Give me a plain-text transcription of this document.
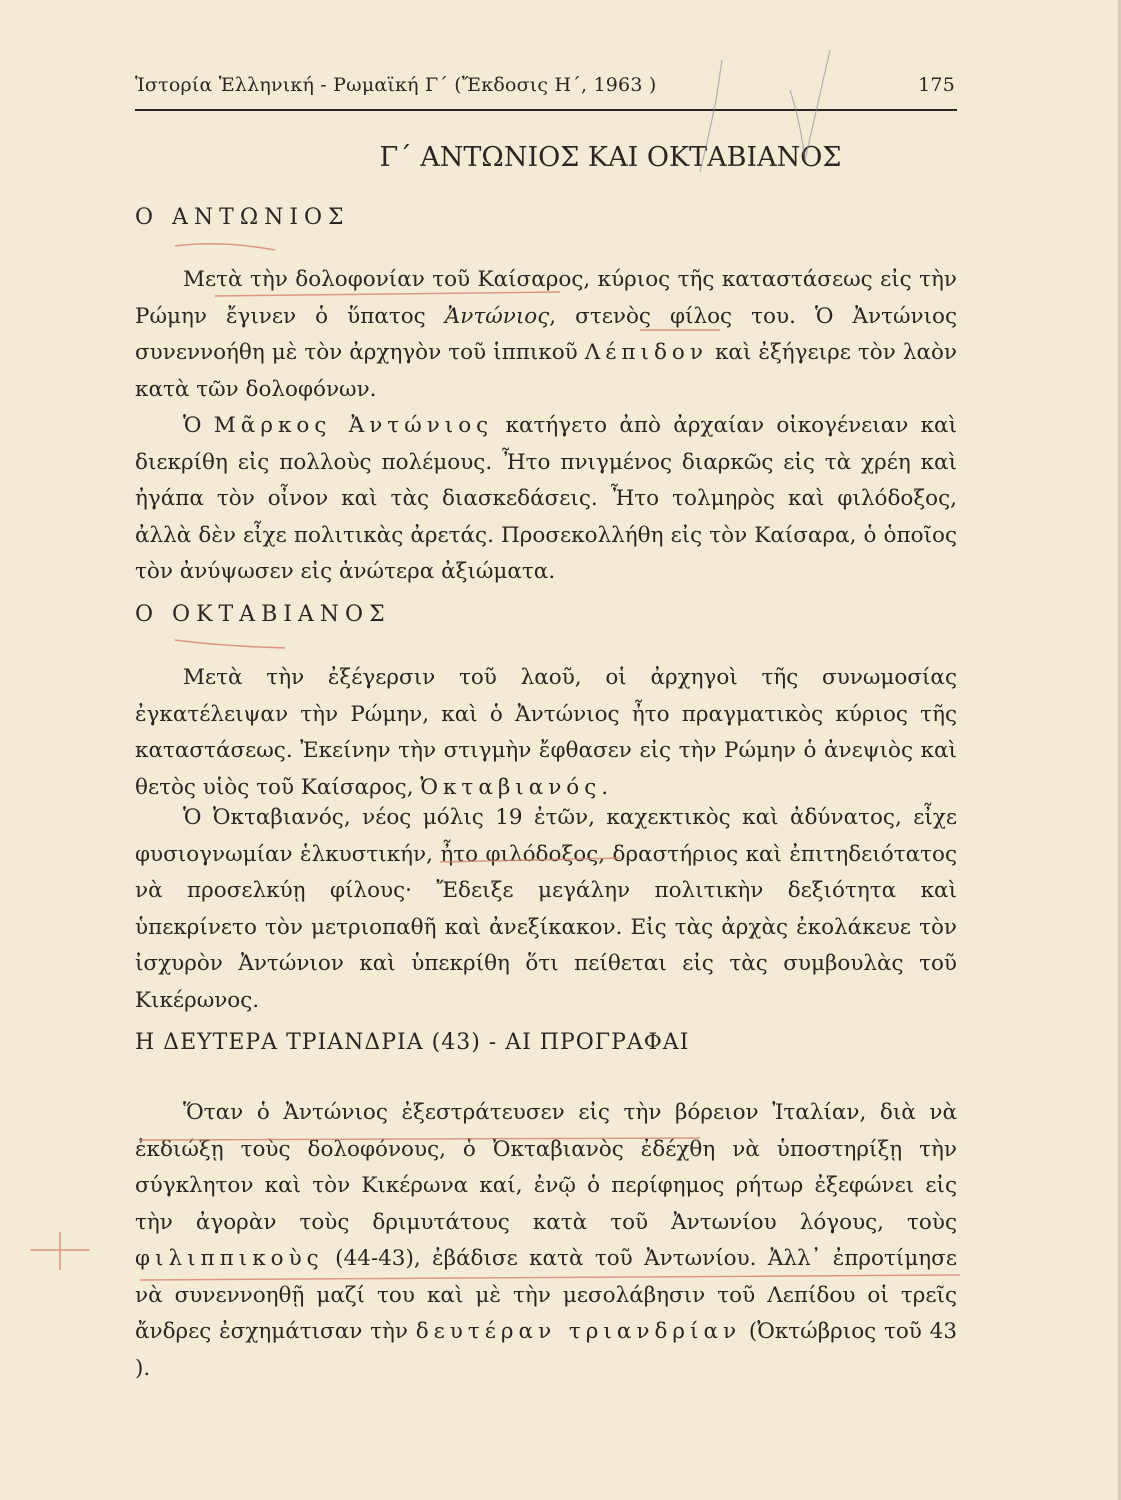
Ἱστορία Ἑλληνική - Ρωμαϊκή Γ΄ (Ἔκδοσις Η΄, 1963 )	175
Γ΄ ΑΝΤΩΝΙΟΣ ΚΑΙ ΟΚΤΑΒΙΑΝΟΣ
Ο ΑΝΤΩΝΙΟΣ

Μετὰ τὴν δολοφονίαν τοῦ Καίσαρος, κύριος τῆς καταστάσεως εἰς τὴν Ρώμην ἔγινεν ὁ ὕπατος Ἀντώνιος, στενὸς φίλος του. Ὁ Ἀντώνιος συνεννοήθη μὲ τὸν ἀρχηγὸν τοῦ ἱππικοῦ Λέπιδον καὶ ἐξήγειρε τὸν λαὸν κατὰ τῶν δολοφόνων.

Ὁ Μᾶρκος Ἀντώνιος κατήγετο ἀπὸ ἀρχαίαν οἰκογένειαν καὶ διεκρίθη εἰς πολλοὺς πολέμους. Ἦτο πνιγμένος διαρκῶς εἰς τὰ χρέη καὶ ἠγάπα τὸν οἶνον καὶ τὰς διασκεδάσεις. Ἦτο τολμηρὸς καὶ φιλόδοξος, ἀλλὰ δὲν εἶχε πολιτικὰς ἀρετάς. Προσεκολλήθη εἰς τὸν Καίσαρα, ὁ ὁποῖος τὸν ἀνύψωσεν εἰς ἀνώτερα ἀξιώματα.

Ο ΟΚΤΑΒΙΑΝΟΣ

Μετὰ τὴν ἐξέγερσιν τοῦ λαοῦ, οἱ ἀρχηγοὶ τῆς συνωμοσίας ἐγκατέλειψαν τὴν Ρώμην, καὶ ὁ Ἀντώνιος ἦτο πραγματικὸς κύριος τῆς καταστάσεως. Ἐκείνην τὴν στιγμὴν ἔφθασεν εἰς τὴν Ρώμην ὁ ἀνεψιὸς καὶ θετὸς υἱὸς τοῦ Καίσαρος, Ὀκταβιανός.

Ὁ Ὀκταβιανός, νέος μόλις 19 ἐτῶν, καχεκτικὸς καὶ ἀδύνατος, εἶχε φυσιογνωμίαν ἑλκυστικήν, ἦτο φιλόδοξος, δραστήριος καὶ ἐπιτηδειότατος νὰ προσελκύῃ φίλους· Ἔδειξε μεγάλην πολιτικὴν δεξιότητα καὶ ὑπεκρίνετο τὸν μετριοπαθῆ καὶ ἀνεξίκακον. Εἰς τὰς ἀρχὰς ἐκολάκευε τὸν ἰσχυρὸν Ἀντώνιον καὶ ὑπεκρίθη ὅτι πείθεται εἰς τὰς συμβουλὰς τοῦ Κικέρωνος.

Η ΔΕΥΤΕΡΑ ΤΡΙΑΝΔΡΙΑ (43) - ΑΙ ΠΡΟΓΡΑΦΑΙ

Ὅταν ὁ Ἀντώνιος ἐξεστράτευσεν εἰς τὴν βόρειον Ἰταλίαν, διὰ νὰ ἐκδιώξῃ τοὺς δολοφόνους, ὁ Ὀκταβιανὸς ἐδέχθη νὰ ὑποστηρίξῃ τὴν σύγκλητον καὶ τὸν Κικέρωνα καί, ἐνῷ ὁ περίφημος ρήτωρ ἐξεφώνει εἰς τὴν ἀγορὰν τοὺς δριμυτάτους κατὰ τοῦ Ἀντωνίου λόγους, τοὺς φιλιππικοὺς (44-43), ἐβάδισε κατὰ τοῦ Ἀντωνίου. Ἀλλ᾽ ἐπροτίμησε νὰ συνεννοηθῇ μαζί του καὶ μὲ τὴν μεσολάβησιν τοῦ Λεπίδου οἱ τρεῖς ἄνδρες ἐσχημάτισαν τὴν δευτέραν τριανδρίαν (Ὀκτώβριος τοῦ 43 ).
